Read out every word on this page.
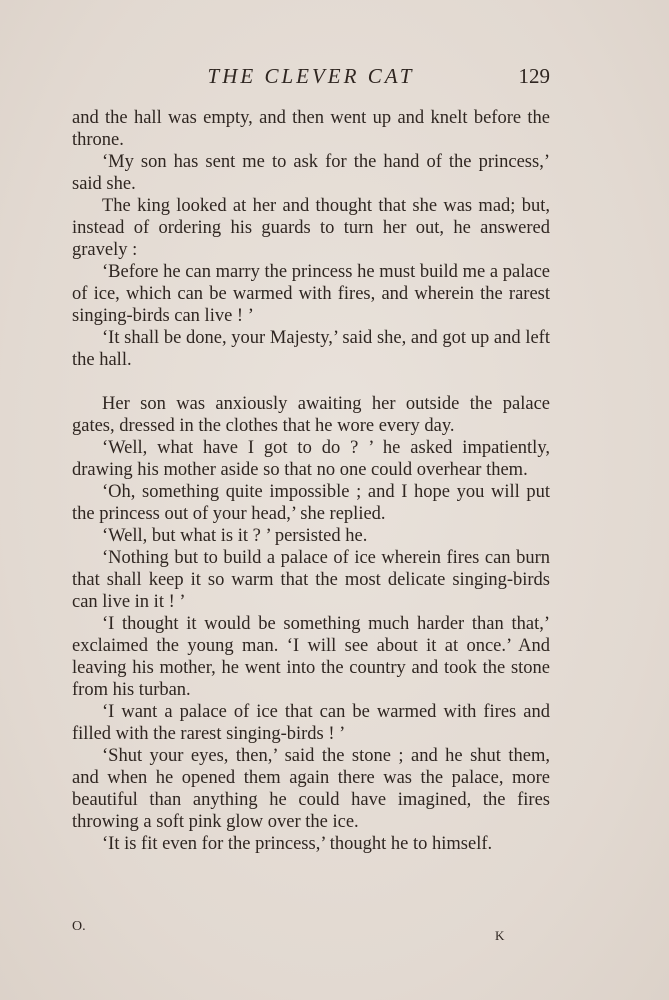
THE CLEVER CAT	129

and the hall was empty, and then went up and knelt before the throne.

‘My son has sent me to ask for the hand of the princess,’ said she.

The king looked at her and thought that she was mad; but, instead of ordering his guards to turn her out, he answered gravely :

‘Before he can marry the princess he must build me a palace of ice, which can be warmed with fires, and wherein the rarest singing-birds can live ! ’

‘It shall be done, your Majesty,’ said she, and got up and left the hall.

Her son was anxiously awaiting her outside the palace gates, dressed in the clothes that he wore every day.

‘Well, what have I got to do ? ’ he asked impatiently, drawing his mother aside so that no one could overhear them.

‘Oh, something quite impossible ; and I hope you will put the princess out of your head,’ she replied.

‘Well, but what is it ? ’ persisted he.

‘Nothing but to build a palace of ice wherein fires can burn that shall keep it so warm that the most delicate singing-birds can live in it ! ’

‘I thought it would be something much harder than that,’ exclaimed the young man. ‘I will see about it at once.’ And leaving his mother, he went into the country and took the stone from his turban.

‘I want a palace of ice that can be warmed with fires and filled with the rarest singing-birds ! ’

‘Shut your eyes, then,’ said the stone ; and he shut them, and when he opened them again there was the palace, more beautiful than anything he could have imagined, the fires throwing a soft pink glow over the ice.

‘It is fit even for the princess,’ thought he to himself.

O.
K
